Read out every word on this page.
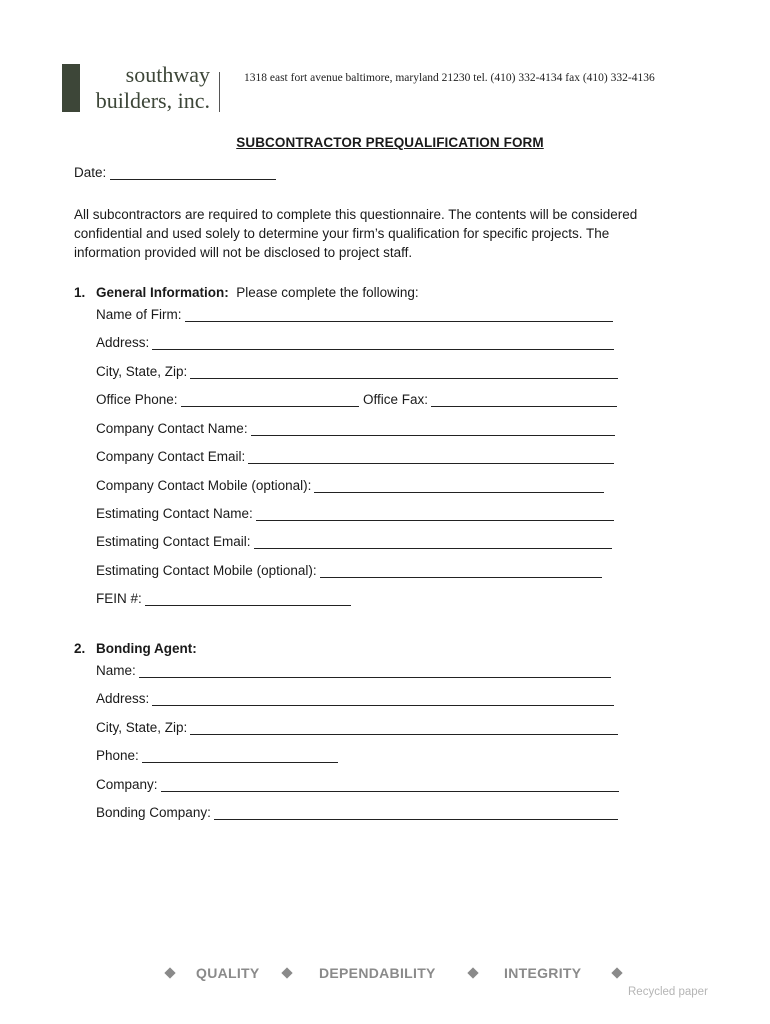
southway
builders, inc.
1318 east fort avenue baltimore, maryland 21230 tel. (410) 332-4134 fax (410) 332-4136
SUBCONTRACTOR PREQUALIFICATION FORM
Date:
All subcontractors are required to complete this questionnaire. The contents will be considered
confidential and used solely to determine your firm’s qualification for specific projects. The
information provided will not be disclosed to project staff.
1. General Information: Please complete the following:
Name of Firm:
Address:
City, State, Zip:
Office Phone:	Office Fax:
Company Contact Name:
Company Contact Email:
Company Contact Mobile (optional):
Estimating Contact Name:
Estimating Contact Email:
Estimating Contact Mobile (optional):
FEIN #:
2. Bonding Agent:
Name:
Address:
City, State, Zip:
Phone:
Company:
Bonding Company:
QUALITY	DEPENDABILITY	INTEGRITY
Recycled paper
